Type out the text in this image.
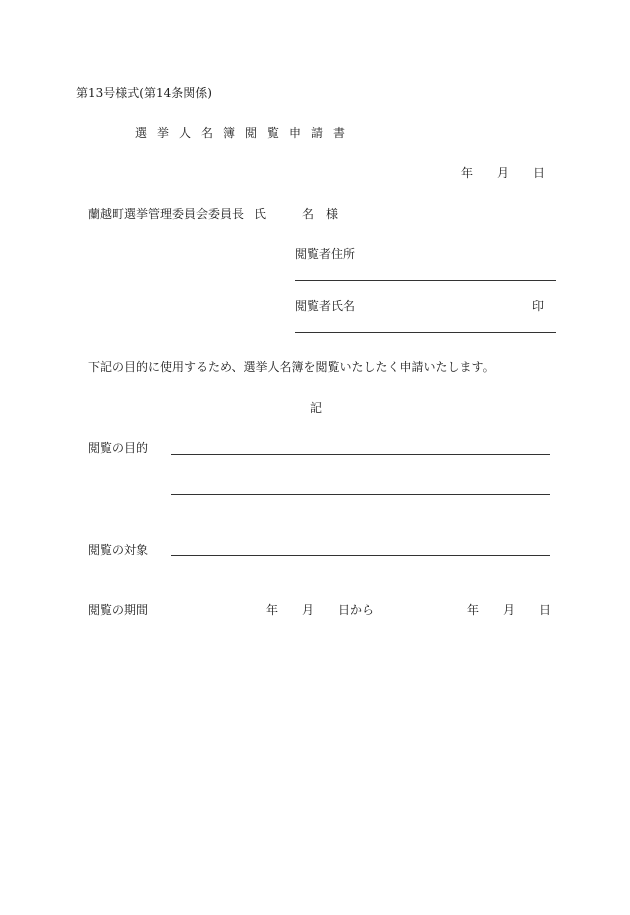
第13号様式(第14条関係)
選挙人名簿閲覧申請書
年 月 日
蘭越町選挙管理委員会委員長 氏	名 様
閲覧者住所
閲覧者氏名	印
下記の目的に使用するため、選挙人名簿を閲覧いたしたく申請いたします。
記
閲覧の目的
閲覧の対象
閲覧の期間	年 月 日から	年 月 日
